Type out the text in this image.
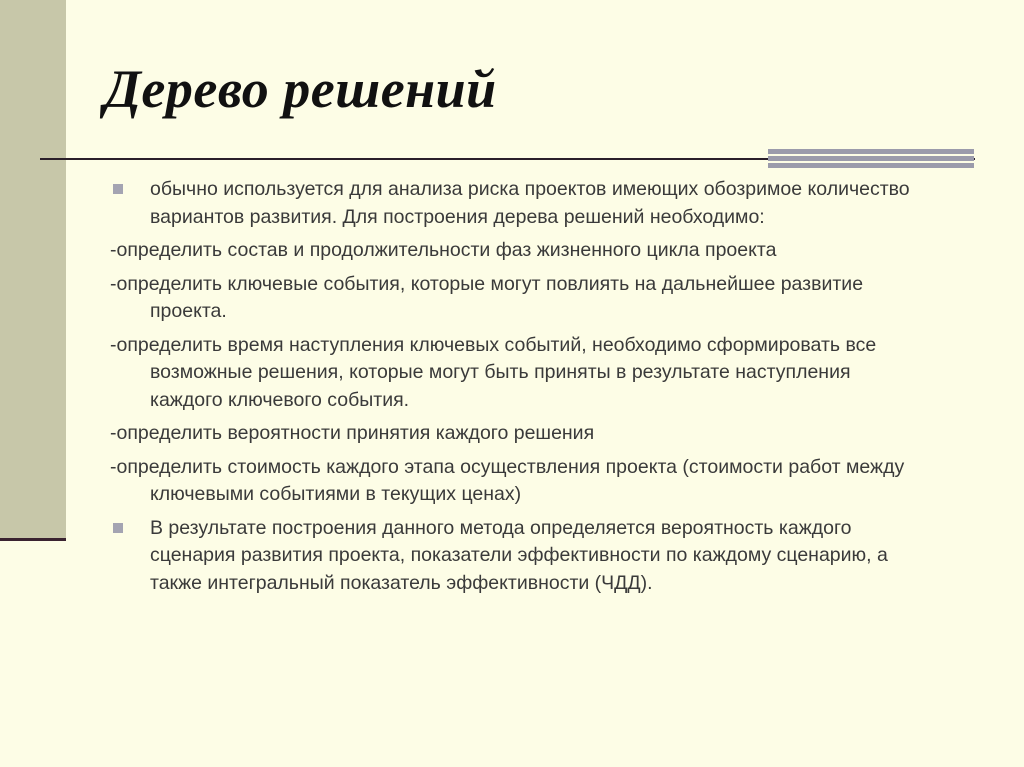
Дерево решений
обычно используется для анализа риска проектов имеющих обозримое количество вариантов развития. Для построения дерева решений необходимо:
-определить состав и продолжительности фаз жизненного цикла проекта
-определить ключевые события, которые могут повлиять на дальнейшее развитие проекта.
-определить время наступления ключевых событий, необходимо сформировать все возможные решения, которые могут быть приняты в результате наступления каждого ключевого события.
-определить вероятности принятия каждого решения
-определить стоимость каждого этапа осуществления проекта (стоимости работ между ключевыми событиями в текущих ценах)
В результате построения данного метода определяется вероятность каждого сценария развития проекта, показатели эффективности по каждому сценарию, а также интегральный показатель эффективности (ЧДД).
